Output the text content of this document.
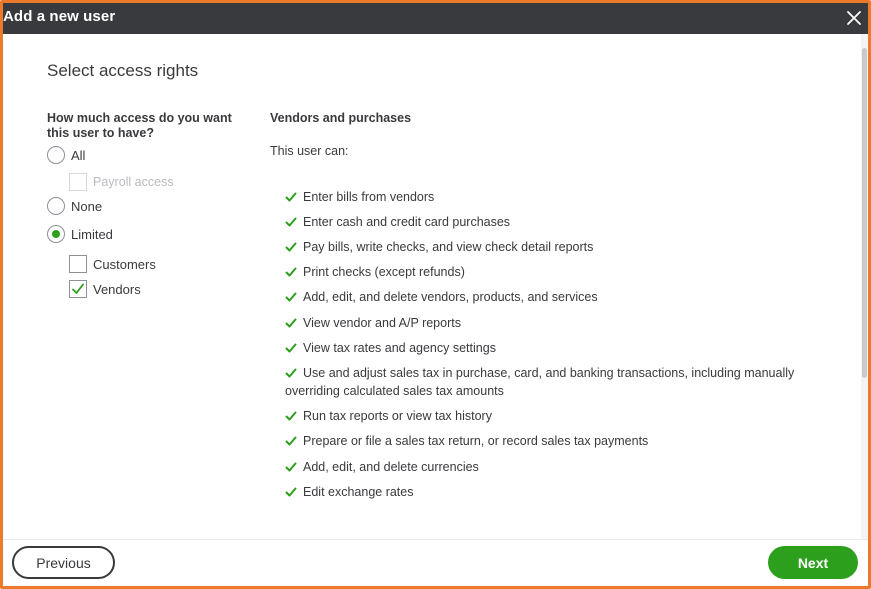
Add a new user
Select access rights
How much access do you want this user to have?
All
Payroll access
None
Limited
Customers
Vendors
Vendors and purchases
This user can:
Enter bills from vendors
Enter cash and credit card purchases
Pay bills, write checks, and view check detail reports
Print checks (except refunds)
Add, edit, and delete vendors, products, and services
View vendor and A/P reports
View tax rates and agency settings
Use and adjust sales tax in purchase, card, and banking transactions, including manually overriding calculated sales tax amounts
Run tax reports or view tax history
Prepare or file a sales tax return, or record sales tax payments
Add, edit, and delete currencies
Edit exchange rates
Previous	Next
